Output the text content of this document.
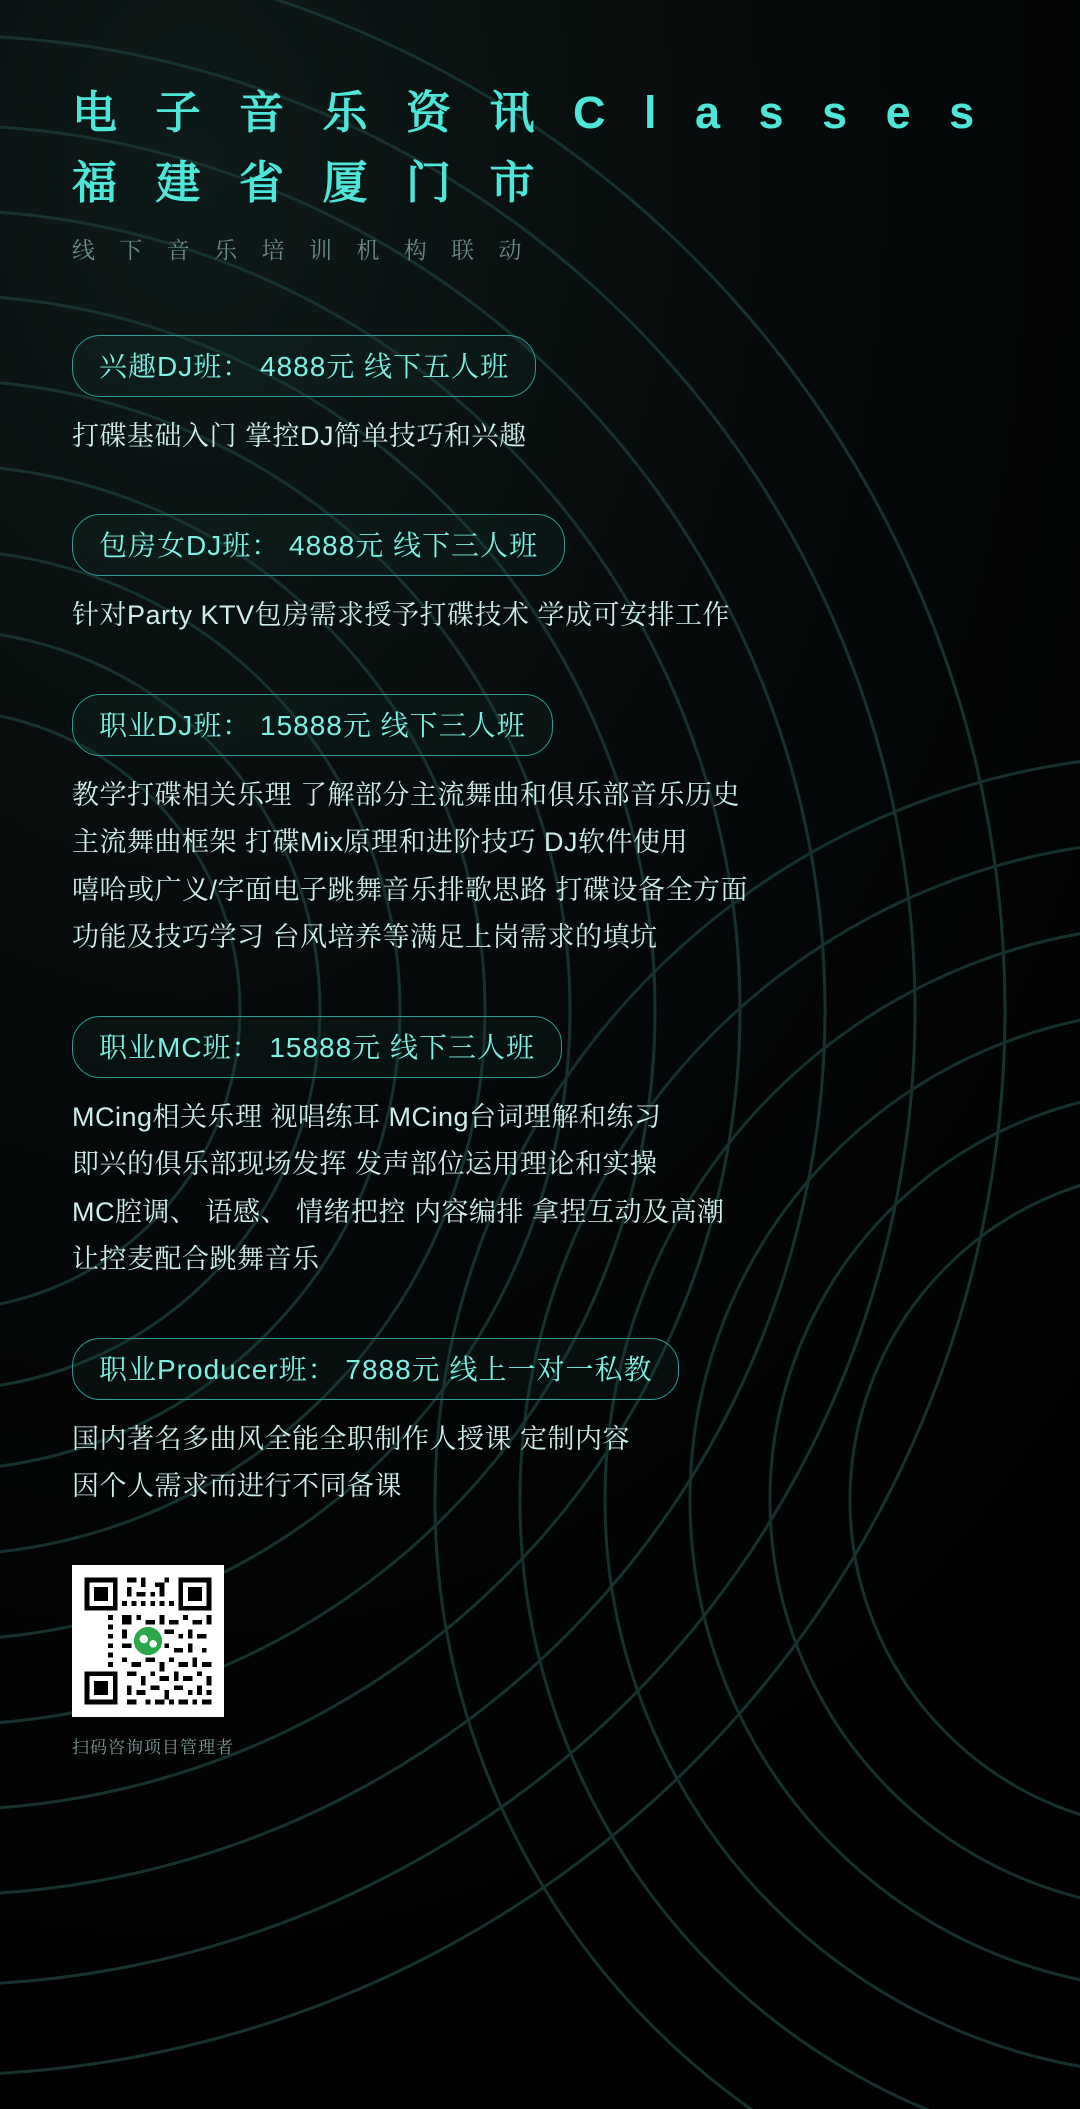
电 子 音 乐 资 讯 C l a s s e s
福 建 省 厦 门 市
线 下 音 乐 培 训 机 构 联 动
兴趣DJ班： 4888元 线下五人班
打碟基础入门 掌控DJ简单技巧和兴趣
包房女DJ班： 4888元 线下三人班
针对Party KTV包房需求授予打碟技术 学成可安排工作
职业DJ班： 15888元 线下三人班
教学打碟相关乐理 了解部分主流舞曲和俱乐部音乐历史
主流舞曲框架 打碟Mix原理和进阶技巧 DJ软件使用
嘻哈或广义/字面电子跳舞音乐排歌思路 打碟设备全方面
功能及技巧学习 台风培养等满足上岗需求的填坑
职业MC班： 15888元 线下三人班
MCing相关乐理 视唱练耳 MCing台词理解和练习
即兴的俱乐部现场发挥 发声部位运用理论和实操
MC腔调、 语感、 情绪把控 内容编排 拿捏互动及高潮
让控麦配合跳舞音乐
职业Producer班： 7888元 线上一对一私教
国内著名多曲风全能全职制作人授课 定制内容
因个人需求而进行不同备课
扫码咨询项目管理者
